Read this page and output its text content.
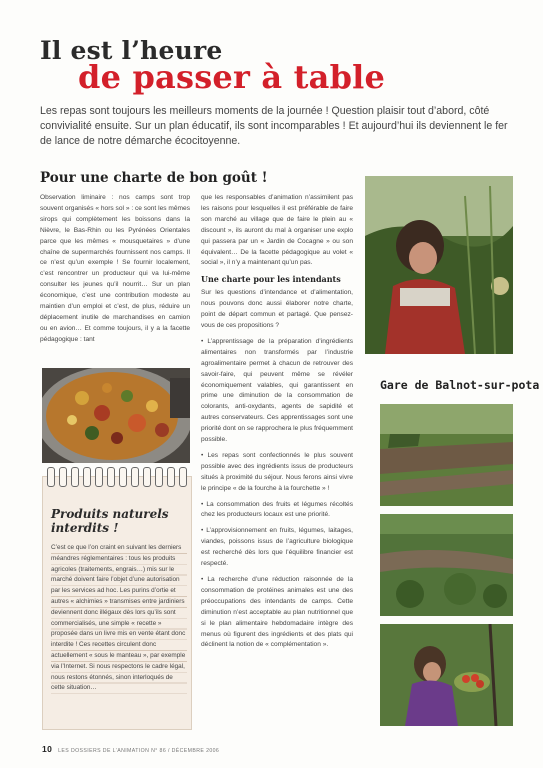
Il est l’heure
de passer à table
Les repas sont toujours les meilleurs moments de la journée ! Question plaisir tout d’abord, côté convivialité ensuite. Sur un plan éducatif, ils sont incomparables ! Et aujourd’hui ils deviennent le fer de lance de notre démarche écocitoyenne.
Pour une charte de bon goût !

Observation liminaire : nos camps sont trop souvent organisés « hors sol » : ce sont les mêmes sirops qui complètement les boissons dans la Nièvre, le Bas-Rhin ou les Pyrénées Orientales parce que les mêmes « mousquetaires » d’une chaîne de supermarchés fournissent nos camps. Il ce n’est qu’un exemple ! Se fournir localement, c’est rencontrer un producteur qui va lui-même consulter les jeunes qu’il nourrit… Sur un plan économique, c’est une contribution modeste au maintien d’un emploi et c’est, de plus, réduire un déplacement inutile de marchandises en camion ou en avion… Et comme toujours, il y a la facette pédagogique : tant

que les responsables d’animation n’assimilent pas les raisons pour lesquelles il est préférable de faire son marché au village que de faire le plein au « discount », ils auront du mal à organiser une explo qui passera par un « Jardin de Cocagne » ou son équivalent… De la facette pédagogique au volet « social », il n’y a maintenant qu’un pas.

Une charte pour les intendants

Sur les questions d’intendance et d’alimentation, nous pouvons donc aussi élaborer notre charte, point de départ commun et partagé. Que pensez-vous de ces propositions ?

• L’apprentissage de la préparation d’ingrédients alimentaires non transformés par l’industrie agroalimentaire permet à chacun de retrouver des savoir-faire, qui peuvent même se révéler économiquement valables, qui garantissent en prime une diminution de la consommation de colorants, anti-oxydants, agents de sapidité et autres conservateurs. Ces apprentissages sont une priorité dont on se rapprochera le plus fréquemment possible.

• Les repas sont confectionnés le plus souvent possible avec des ingrédients issus de producteurs situés à proximité du séjour. Nous ferons ainsi vivre le principe « de la fourche à la fourchette » !

• La consommation des fruits et légumes récoltés chez les producteurs locaux est une priorité.

• L’approvisionnement en fruits, légumes, laitages, viandes, poissons issus de l’agriculture biologique est recherché dès lors que l’équilibre financier est respecté.

• La recherche d’une réduction raisonnée de la consommation de protéines animales est une des préoccupations des intendants de camps. Cette diminution n’est acceptable au plan nutritionnel que si le plan alimentaire hebdomadaire intègre des menus où figurent des ingrédients et des plats qui déclinent la notion de « complémentation ».

Produits naturels interdits !
C’est ce que l’on craint en suivant les derniers méandres réglementaires : tous les produits agricoles (traitements, engrais…) mis sur le marché doivent faire l’objet d’une autorisation par les services ad hoc. Les purins d’ortie et autres « alchimies » transmises entre jardiniers deviennent donc illégaux dès lors qu’ils sont commercialisés, une simple « recette » proposée dans un livre mis en vente étant donc interdite ! Ces recettes circulent donc actuellement « sous le manteau », par exemple via l’Internet. Si nous respectons le cadre légal, nous restons étonnés, sinon interloqués de cette situation…
Gare de Balnot-sur-pota
10 LES DOSSIERS DE L’ANIMATION N° 86 / DÉCEMBRE 2006
